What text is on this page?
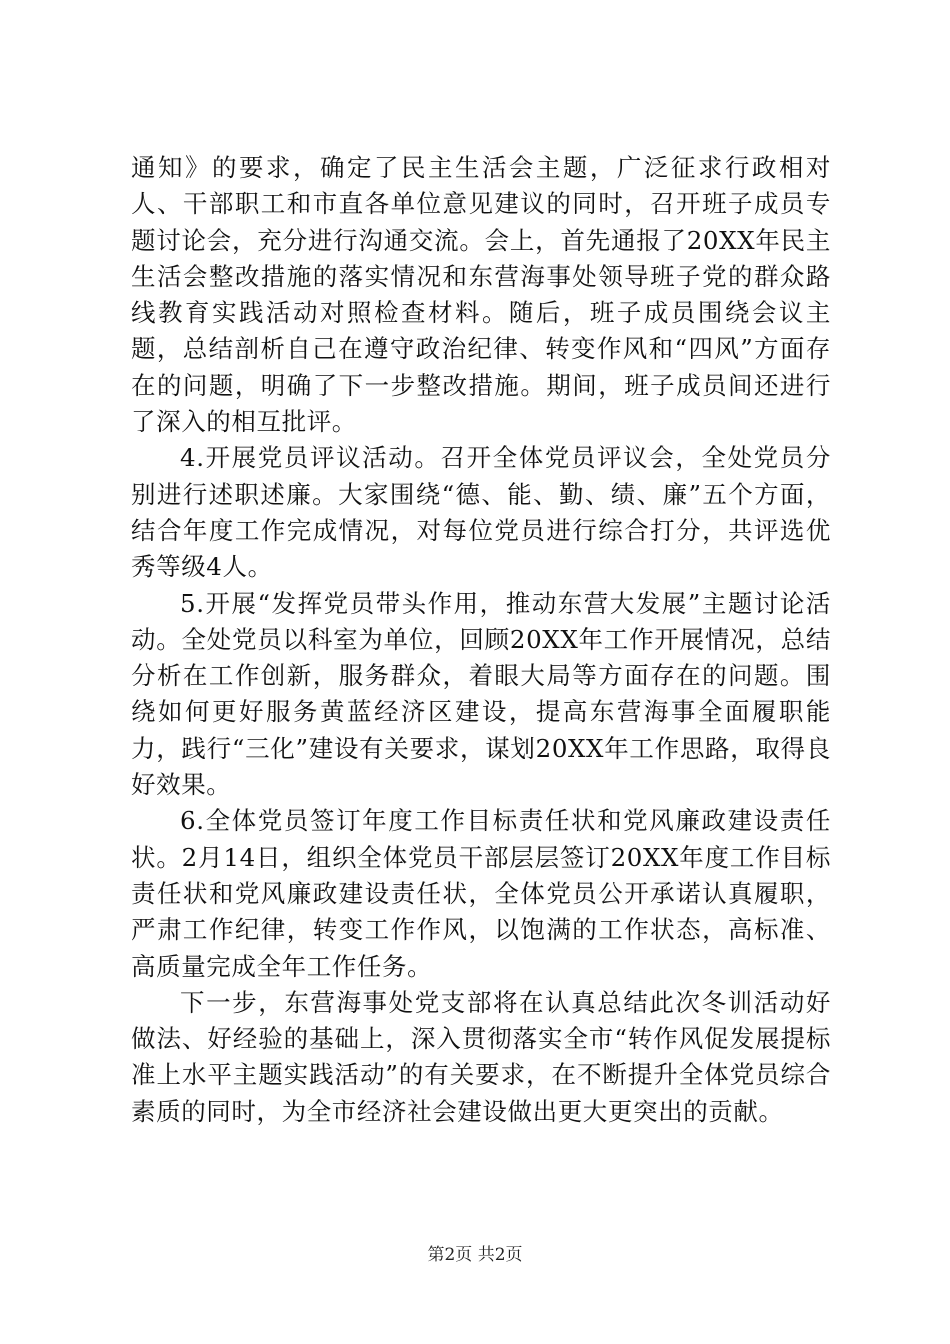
通知》的要求，确定了民主生活会主题，广泛征求行政相对人、干部职工和市直各单位意见建议的同时，召开班子成员专题讨论会，充分进行沟通交流。会上，首先通报了20XX年民主生活会整改措施的落实情况和东营海事处领导班子党的群众路线教育实践活动对照检查材料。随后，班子成员围绕会议主题，总结剖析自己在遵守政治纪律、转变作风和“四风”方面存在的问题，明确了下一步整改措施。期间，班子成员间还进行了深入的相互批评。

4.开展党员评议活动。召开全体党员评议会，全处党员分别进行述职述廉。大家围绕“德、能、勤、绩、廉”五个方面，结合年度工作完成情况，对每位党员进行综合打分，共评选优秀等级4人。

5.开展“发挥党员带头作用，推动东营大发展”主题讨论活动。全处党员以科室为单位，回顾20XX年工作开展情况，总结分析在工作创新，服务群众，着眼大局等方面存在的问题。围绕如何更好服务黄蓝经济区建设，提高东营海事全面履职能力，践行“三化”建设有关要求，谋划20XX年工作思路，取得良好效果。

6.全体党员签订年度工作目标责任状和党风廉政建设责任状。2月14日，组织全体党员干部层层签订20XX年度工作目标责任状和党风廉政建设责任状，全体党员公开承诺认真履职，严肃工作纪律，转变工作作风，以饱满的工作状态，高标准、高质量完成全年工作任务。

下一步，东营海事处党支部将在认真总结此次冬训活动好做法、好经验的基础上，深入贯彻落实全市“转作风促发展提标准上水平主题实践活动”的有关要求，在不断提升全体党员综合素质的同时，为全市经济社会建设做出更大更突出的贡献。

第2页 共2页
